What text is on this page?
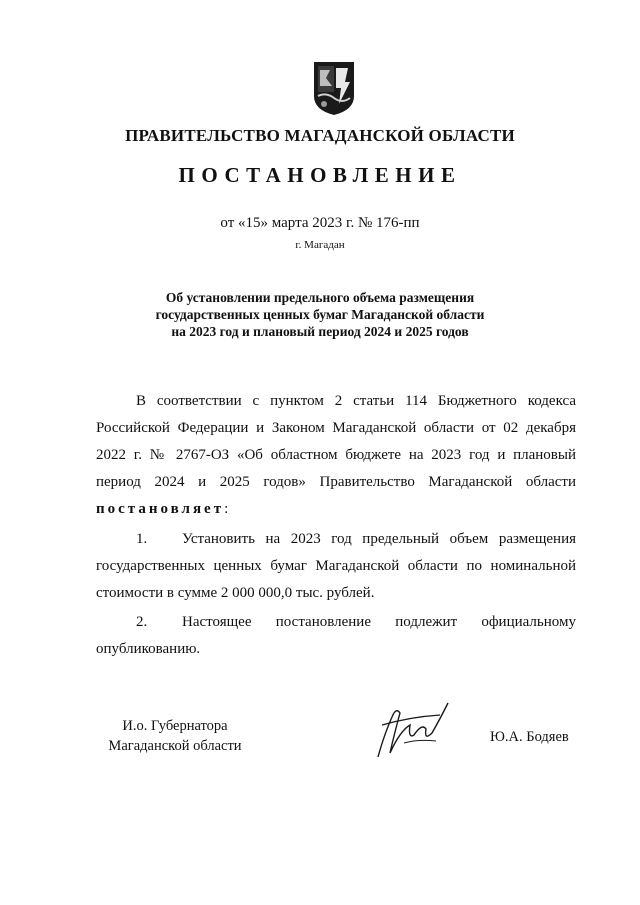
ПРАВИТЕЛЬСТВО МАГАДАНСКОЙ ОБЛАСТИ
ПОСТАНОВЛЕНИЕ
от «15» марта 2023 г. № 176-пп
г. Магадан
Об установлении предельного объема размещения
государственных ценных бумаг Магаданской области
на 2023 год и плановый период 2024 и 2025 годов
В соответствии с пунктом 2 статьи 114 Бюджетного кодекса
Российской Федерации и Законом Магаданской области от 02 декабря
2022 г. № 2767-ОЗ «Об областном бюджете на 2023 год и плановый
период 2024 и 2025 годов» Правительство Магаданской области
постановляет:
1. Установить на 2023 год предельный объем размещения
государственных ценных бумаг Магаданской области по номинальной
стоимости в сумме 2 000 000,0 тыс. рублей.
2. Настоящее постановление подлежит официальному
опубликованию.
И.о. Губернатора
Магаданской области
Ю.А. Бодяев
